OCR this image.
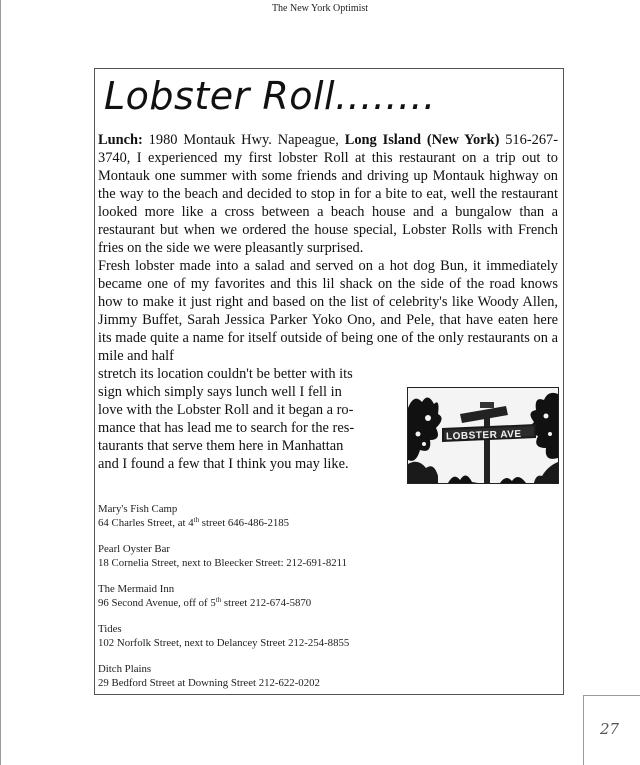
The New York Optimist
Lobster Roll........

Lunch: 1980 Montauk Hwy. Napeague, Long Island (New York) 516-267-3740, I experienced my first lobster Roll at this restaurant on a trip out to Montauk one summer with some friends and driving up Montauk highway on the way to the beach and decided to stop in for a bite to eat, well the restaurant looked more like a cross between a beach house and a bungalow than a restaurant but when we ordered the house special, Lobster Rolls with French fries on the side we were pleasantly surprised.

Fresh lobster made into a salad and served on a hot dog Bun, it immediately became one of my favorites and this lil shack on the side of the road knows how to make it just right and based on the list of celebrity's like Woody Allen, Jimmy Buffet, Sarah Jessica Parker Yoko Ono, and Pele, that have eaten here its made quite a name for itself outside of being one of the only restaurants on a mile and half

stretch its location couldn't be better with its
sign which simply says lunch well I fell in
love with the Lobster Roll and it began a ro-
mance that has lead me to search for the res-
taurants that serve them here in Manhattan
and I found a few that I think you may like.

LOBSTER AVE
Mary's Fish Camp
64 Charles Street, at 4th street 646-486-2185
Pearl Oyster Bar
18 Cornelia Street, next to Bleecker Street: 212-691-8211
The Mermaid Inn
96 Second Avenue, off of 5th street 212-674-5870
Tides
102 Norfolk Street, next to Delancey Street 212-254-8855
Ditch Plains
29 Bedford Street at Downing Street 212-622-0202
27
